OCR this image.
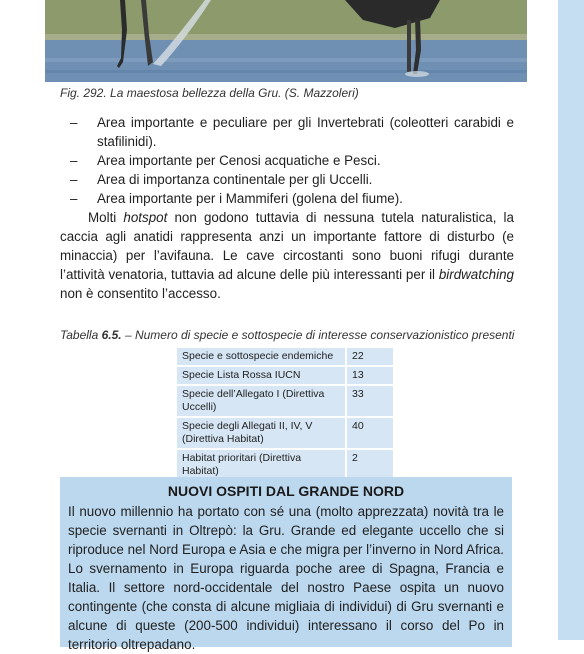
Fig. 292. La maestosa bellezza della Gru. (S. Mazzoleri)
– Area importante e peculiare per gli Invertebrati (coleotteri carabidi e stafilinidi).
– Area importante per Cenosi acquatiche e Pesci.
– Area di importanza continentale per gli Uccelli.
– Area importante per i Mammiferi (golena del fiume).

Molti hotspot non godono tuttavia di nessuna tutela naturalistica, la caccia agli anatidi rappresenta anzi un importante fattore di disturbo (e minaccia) per l’avifauna. Le cave circostanti sono buoni rifugi durante l’attività venatoria, tuttavia ad alcune delle più interessanti per il birdwatching non è consentito l’accesso.

Tabella 6.5. – Numero di specie e sottospecie di interesse conservazionistico presenti
Specie e sottospecie endemiche	22
Specie Lista Rossa IUCN	13
Specie dell’Allegato I (Direttiva Uccelli)	33
Specie degli Allegati II, IV, V (Direttiva Habitat)	40
Habitat prioritari (Direttiva Habitat)	2
NUOVI OSPITI DAL GRANDE NORD
Il nuovo millennio ha portato con sé una (molto apprezzata) novità tra le specie svernanti in Oltrepò: la Gru. Grande ed elegante uccello che si riproduce nel Nord Europa e Asia e che migra per l’inverno in Nord Africa. Lo svernamento in Europa riguarda poche aree di Spagna, Francia e Italia. Il settore nord-occidentale del nostro Paese ospita un nuovo contingente (che consta di alcune migliaia di individui) di Gru svernanti e alcune di queste (200-500 individui) interessano il corso del Po in territorio oltrepadano.
